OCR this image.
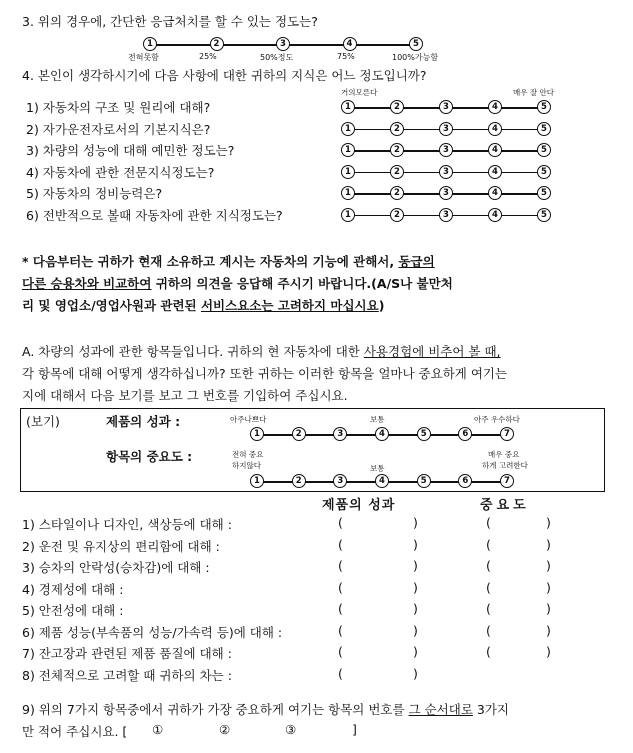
3. 위의 경우에, 간단한 응급처치를 할 수 있는 정도는?
1	2	3	4	5
전혀못함	25%	50%정도	75%	100%가능함
4. 본인이 생각하시기에 다음 사항에 대한 귀하의 지식은 어느 정도입니까?
거의모른다	매우 잘 안다
1) 자동차의 구조 및 원리에 대해?	1	2	3	4	5
2) 자가운전자로서의 기본지식은?	1	2	3	4	5
3) 차량의 성능에 대해 예민한 정도는?	1	2	3	4	5
4) 자동차에 관한 전문지식정도는?	1	2	3	4	5
5) 자동차의 정비능력은?	1	2	3	4	5
6) 전반적으로 볼때 자동차에 관한 지식정도는?	1	2	3	4	5
* 다음부터는 귀하가 현재 소유하고 계시는 자동차의 기능에 관해서, 동급의
다른 승용차와 비교하여 귀하의 의견을 응답해 주시기 바랍니다.(A/S나 불만처
리 및 영업소/영업사원과 관련된 서비스요소는 고려하지 마십시요)
A. 차량의 성과에 관한 항목들입니다. 귀하의 현 자동차에 대한 사용경험에 비추어 볼 때,
각 항목에 대해 어떻게 생각하십니까? 또한 귀하는 이러한 항목을 얼마나 중요하게 여기는
지에 대해서 다음 보기를 보고 그 번호를 기입하여 주십시요.
(보기)	제품의 성과 :	아주나쁘다	보통	아주 우수하다
1	2	3	4	5	6	7
항목의 중요도 :	전혀 중요
하지않다	보통
매우 중요
하게 고려한다
1	2	3	4	5	6	7
제품의 성과	중요도
1) 스타일이나 디자인, 색상등에 대해 :	(	)	(	)
2) 운전 및 유지상의 편리함에 대해 :	(	)	(	)
3) 승차의 안락성(승차감)에 대해 :	(	)	(	)
4) 경제성에 대해 :	(	)	(	)
5) 안전성에 대해 :	(	)	(	)
6) 제품 성능(부속품의 성능/가속력 등)에 대해 :	(	)	(	)
7) 잔고장과 관련된 제품 품질에 대해 :	(	)	(	)
8) 전체적으로 고려할 때 귀하의 차는 :	(	)
9) 위의 7가지 항목중에서 귀하가 가장 중요하게 여기는 항목의 번호를 그 순서대로 3가지
만 적어 주십시요. [ ①	②	③	]
